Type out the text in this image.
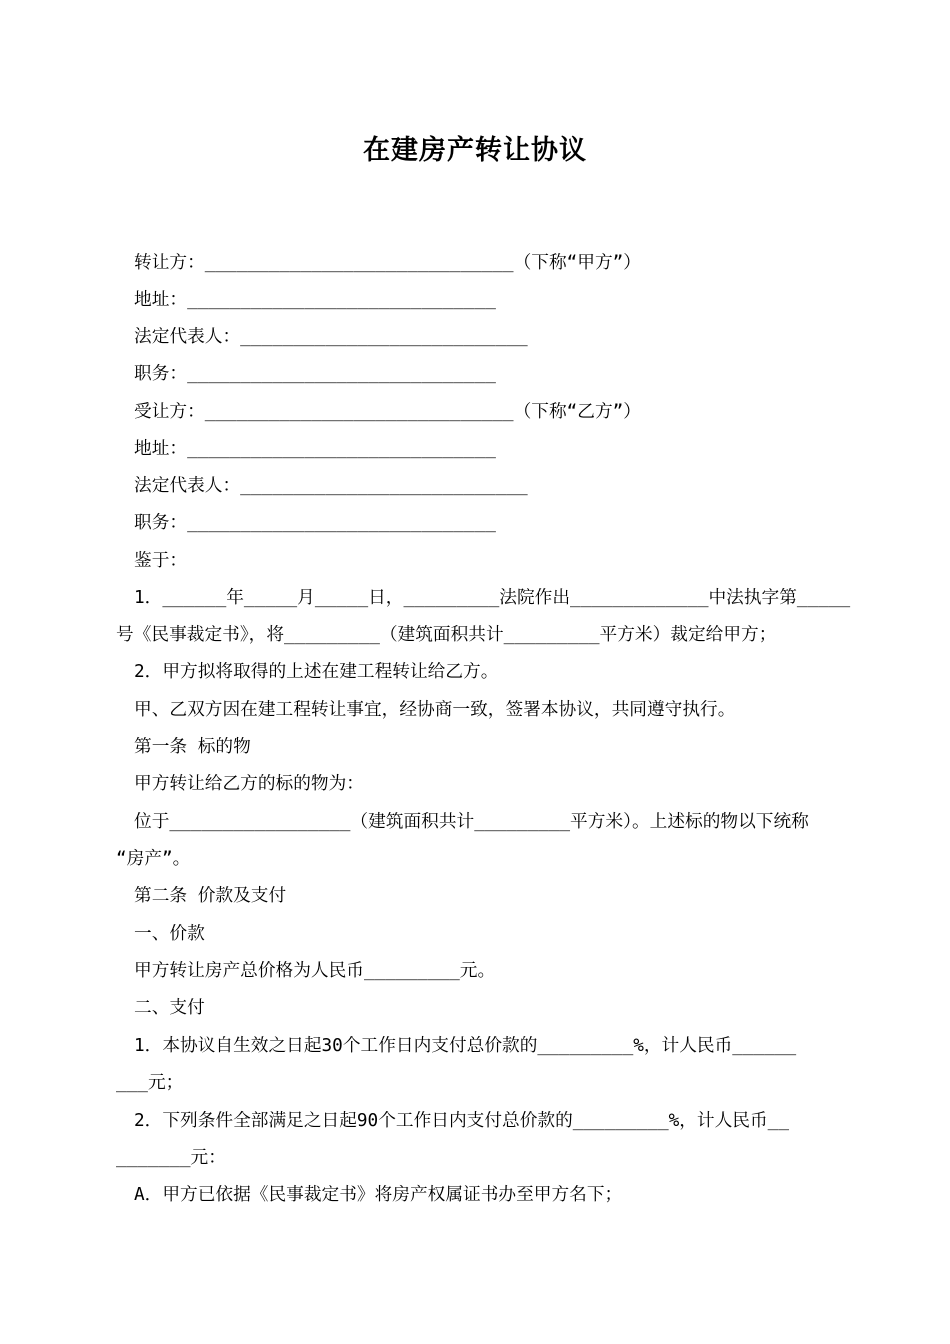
在建房产转让协议
转让方：_____________________________（下称“甲方”）
地址：_____________________________
法定代表人：___________________________
职务：_____________________________
受让方：_____________________________（下称“乙方”）
地址：_____________________________
法定代表人：___________________________
职务：_____________________________
鉴于：
1．______年_____月_____日，_________法院作出_____________中法执字第_____
号《民事裁定书》，将_________（建筑面积共计_________平方米）裁定给甲方；
2．甲方拟将取得的上述在建工程转让给乙方。
甲、乙双方因在建工程转让事宜，经协商一致，签署本协议，共同遵守执行。
第一条 标的物
甲方转让给乙方的标的物为：
位于_________________（建筑面积共计_________平方米）。上述标的物以下统称
“房产”。
第二条 价款及支付
一、价款
甲方转让房产总价格为人民币_________元。
二、支付
1．本协议自生效之日起30个工作日内支付总价款的_________%，计人民币______
___元；
2．下列条件全部满足之日起90个工作日内支付总价款的_________%，计人民币__
_______元：
A．甲方已依据《民事裁定书》将房产权属证书办至甲方名下；
